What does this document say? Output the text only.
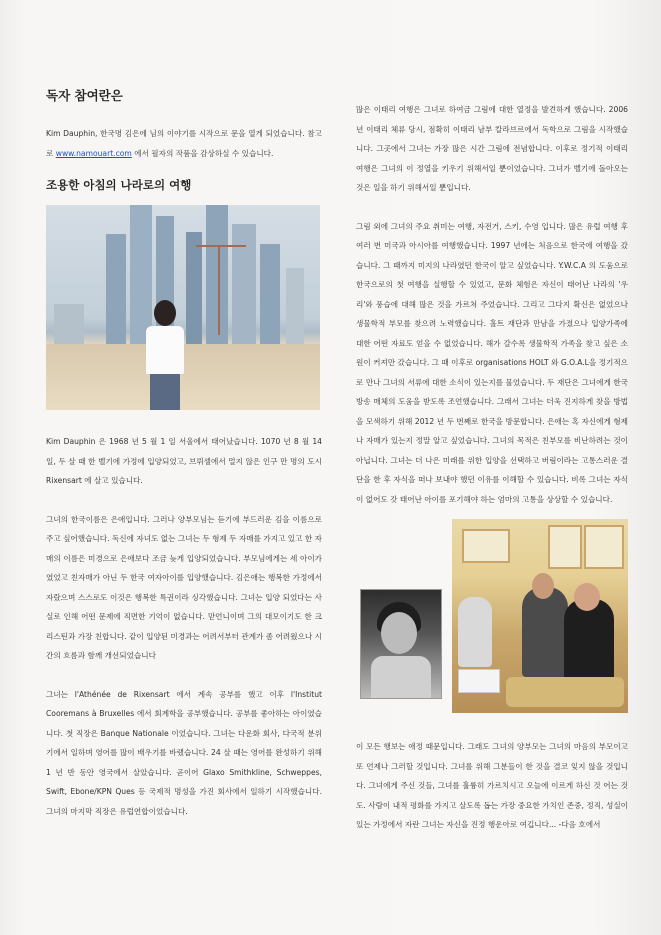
독자 참여란은

Kim Dauphin, 한국명 김은에 님의 이야기를 시작으로 문을 열게 되었습니다. 참고로 www.namouart.com 에서 필자의 작품을 감상하실 수 있습니다.

조용한 아침의 나라로의 여행

Kim Dauphin 은 1968 년 5 월 1 일 서울에서 태어났습니다. 1070 년 8 월 14 일, 두 살 때 한 벨기에 가정에 입양되었고, 브뤼셀에서 멀지 않은 인구 만 명의 도시 Rixensart 에 살고 있습니다.

그녀의 한국이름은 은애입니다. 그러나 양부모님는 듣기에 부드러운 김을 이름으로 주고 싶어했습니다. 독신에 자녀도 없는 그녀는 두 형제 두 자매를 가지고 있고 한 자매의 이름은 미경으로 은애보다 조금 늦게 입양되었습니다. 부모님에게는 세 아이가 였었고 친자매가 아닌 두 한국 여자아이를 입양했습니다. 김은애는 행복한 가정에서 자랐으며 스스로도 이것은 행복한 특권이라 싱각했습니다. 그녀는 입양 되었다는 사실로 인해 어떤 문제에 직면한 기억이 없습니다. 맏언니이며 그의 대모이기도 한 크리스틴과 가장 친합니다. 같이 입양된 미경과는 어려서부터 관계가 좀 어려웠으나 시간의 흐름과 함께 개선되었습니다

그녀는 l'Athénée de Rixensart 에서 계속 공부를 했고 이후 l'Institut Cooremans à Bruxelles 에서 회계학을 공부했습니다. 공부를 좋아하는 아이였습니다. 첫 직장은 Banque Nationale 이었습니다. 그녀는 다운화 회사, 다국적 분위기에서 일하며 영어를 많이 배우기를 바랬습니다. 24 살 때는 영어를 완성하기 위해 1 년 반 동안 영국에서 살았습니다. 곧이어 Glaxo Smithkline, Schweppes, Swift, Ebone/KPN Ques 등 국제적 명성을 가진 회사에서 일하기 시작했습니다. 그녀의 마지막 직장은 유럽연합이었습니다.

많은 이태리 여행은 그녀로 하여금 그림에 대한 열정을 발견하게 했습니다. 2006 년 이태리 체류 당시, 점확히 이태리 남부 칼라브르에서 독학으로 그림을 시작했습니다. 그곳에서 그녀는 가장 많은 시간 그림에 전념합니다. 이후로 정기적 이태리 여행은 그녀의 이 정열을 키우기 위해서일 뿐이었습니다. 그녀가 벨기에 돌아오는 것은 일을 하기 위해서일 뿐입니다.

그림 외에 그녀의 주요 취미는 여행, 자전거, 스키, 수영 입니다. 많은 유럽 여행 후 여러 번 미국과 아시아를 여행했습니다. 1997 년에는 처음으로 한국에 여행을 갔습니다. 그 때까지 미지의 나라였던 한국이 알고 싶었습니다. Y.W.C.A 의 도움으로 한국으로의 첫 여행을 실행할 수 있었고, 문화 체험은 자신이 태어난 나라의 '우리'와 풍습에 대해 많은 것을 가르쳐 주었습니다. 그리고 그다지 확신은 없었으나 생물학적 부모를 찾으려 노력했습니다. 홀트 재단과 만남을 가졌으나 입양가족에 대한 어떤 자료도 얻을 수 없었습니다. 해가 갈수록 생물학적 가족을 찾고 싶은 소원이 커져만 갔습니다. 그 때 이후로 organisations HOLT 와 G.O.A.L을 정기적으로 만나 그녀의 서류에 대한 소식이 있는지를 물었습니다. 두 재단은 그녀에게 한국 방송 매체의 도움을 받도록 조언했습니다. 그래서 그녀는 더욱 진지하게 찾을 방법을 모색하기 위해 2012 년 두 번째로 한국을 방문합니다. 은애는 혹 자신에게 형제나 자매가 있는지 정말 알고 싶었습니다. 그녀의 목적은 친부모를 비난하려는 것이 아닙니다. 그녀는 더 나은 미래를 위한 입양을 선택하고 버림이라는 고통스러운 결단을 한 후 자식을 떠나 보내야 했던 이유를 이해할 수 있습니다. 비록 그녀는 자식이 없어도 갓 태어난 아이를 포기해야 하는 엄마의 고통을 상상할 수 있습니다.

이 모든 행보는 애정 때문입니다. 그래도 그녀의 양부모는 그녀의 마음의 부모이고 또 언제나 그러할 것입니다. 그녀를 위해 그분들이 한 것을 결코 잊지 않을 것입니다. 그녀에게 주신 것들, 그녀를 훌륭히 가르치시고 오늘에 이르게 하신 것 어는 것도. 사람이 내적 평화를 가지고 살도록 돕는 가장 중요한 가치인 존중, 정직, 성실이 있는 가정에서 자란 그녀는 자신을 진정 행운아로 여깁니다... -다음 호에서
